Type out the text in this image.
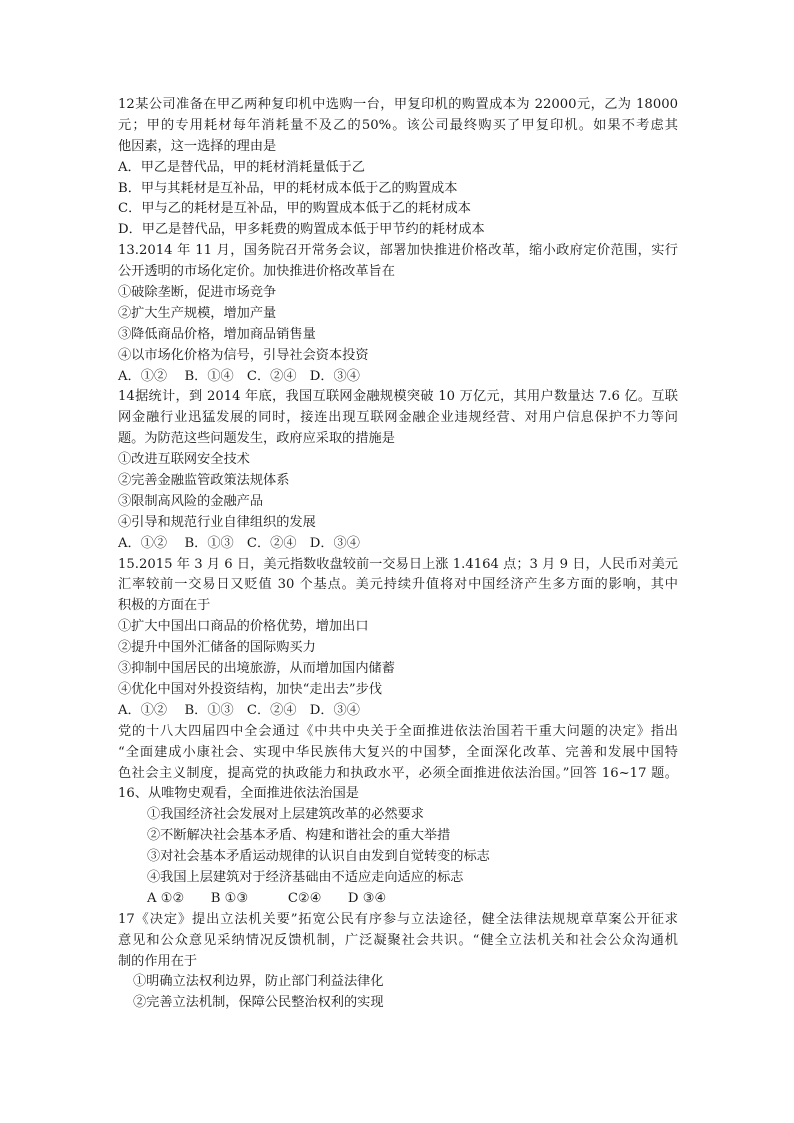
12某公司准备在甲乙两种复印机中选购一台，甲复印机的购置成本为 22000元，乙为 18000
元；甲的专用耗材每年消耗量不及乙的50%。该公司最终购买了甲复印机。如果不考虑其
他因素，这一选择的理由是
A．甲乙是替代品，甲的耗材消耗量低于乙
B．甲与其耗材是互补品，甲的耗材成本低于乙的购置成本
C．甲与乙的耗材是互补品，甲的购置成本低于乙的耗材成本
D．甲乙是替代品，甲多耗费的购置成本低于甲节约的耗材成本
13.2014 年 11 月，国务院召开常务会议，部署加快推进价格改革，缩小政府定价范围，实行
公开透明的市场化定价。加快推进价格改革旨在
①破除垄断，促进市场竞争
②扩大生产规模，增加产量
③降低商品价格，增加商品销售量
④以市场化价格为信号，引导社会资本投资
A．①②　 B．①④　C．②④　D．③④
14据统计，到 2014 年底，我国互联网金融规模突破 10 万亿元，其用户数量达 7.6 亿。互联
网金融行业迅猛发展的同时，接连出现互联网金融企业违规经营、对用户信息保护不力等问
题。为防范这些问题发生，政府应采取的措施是
①改进互联网安全技术
②完善金融监管政策法规体系
③限制高风险的金融产品
④引导和规范行业自律组织的发展
A．①②　 B．①③　C．②④　D．③④
15.2015 年 3 月 6 日，美元指数收盘较前一交易日上涨 1.4164 点；3 月 9 日，人民币对美元
汇率较前一交易日又贬值 30 个基点。美元持续升值将对中国经济产生多方面的影响，其中
积极的方面在于
①扩大中国出口商品的价格优势，增加出口
②提升中国外汇储备的国际购买力
③抑制中国居民的出境旅游，从而增加国内储蓄
④优化中国对外投资结构，加快“走出去”步伐
A．①②　 B．①③　C．②④　D．③④
党的十八大四届四中全会通过《中共中央关于全面推进依法治国若干重大问题的决定》指出
“全面建成小康社会、实现中华民族伟大复兴的中国梦，全面深化改革、完善和发展中国特
色社会主义制度，提高党的执政能力和执政水平，必须全面推进依法治国。”回答 16~17 题。
16、从唯物史观看，全面推进依法治国是
①我国经济社会发展对上层建筑改革的必然要求
②不断解决社会基本矛盾、构建和谐社会的重大举措
③对社会基本矛盾运动规律的认识自由发到自觉转变的标志
④我国上层建筑对于经济基础由不适应走向适应的标志
A ①②　　B ①③　　　C②④　　D ③④
17《决定》提出立法机关要”拓宽公民有序参与立法途径，健全法律法规规章草案公开征求
意见和公众意见采纳情况反馈机制，广泛凝聚社会共识。“健全立法机关和社会公众沟通机
制的作用在于
①明确立法权利边界，防止部门利益法律化
②完善立法机制，保障公民整治权利的实现
